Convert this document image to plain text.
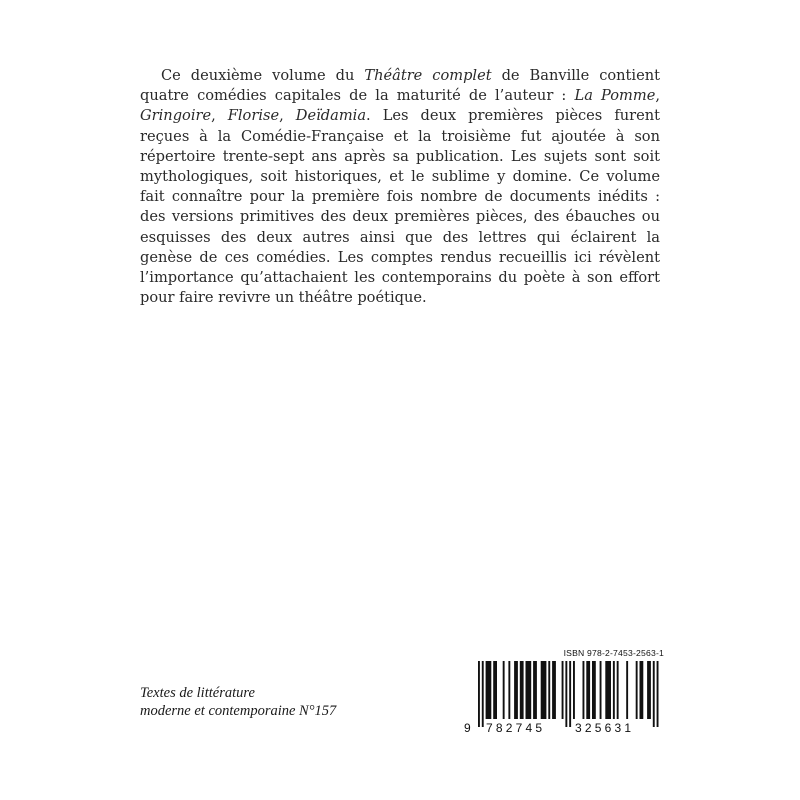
Ce deuxième volume du Théâtre complet de Banville contient quatre comédies capitales de la maturité de l’auteur : La Pomme, Gringoire, Florise, Deïdamia. Les deux premières pièces furent reçues à la Comédie-Française et la troisième fut ajoutée à son répertoire trente-sept ans après sa publication. Les sujets sont soit mythologiques, soit historiques, et le sublime y domine. Ce volume fait connaître pour la première fois nombre de documents inédits : des versions primitives des deux premières pièces, des ébauches ou esquisses des deux autres ainsi que des lettres qui éclairent la genèse de ces comédies. Les comptes rendus recueillis ici révèlent l’importance qu’attachaient les contemporains du poète à son effort pour faire revivre un théâtre poétique.

Textes de littérature
moderne et contemporaine N°157
ISBN 978-2-7453-2563-1
9 782745 325631
